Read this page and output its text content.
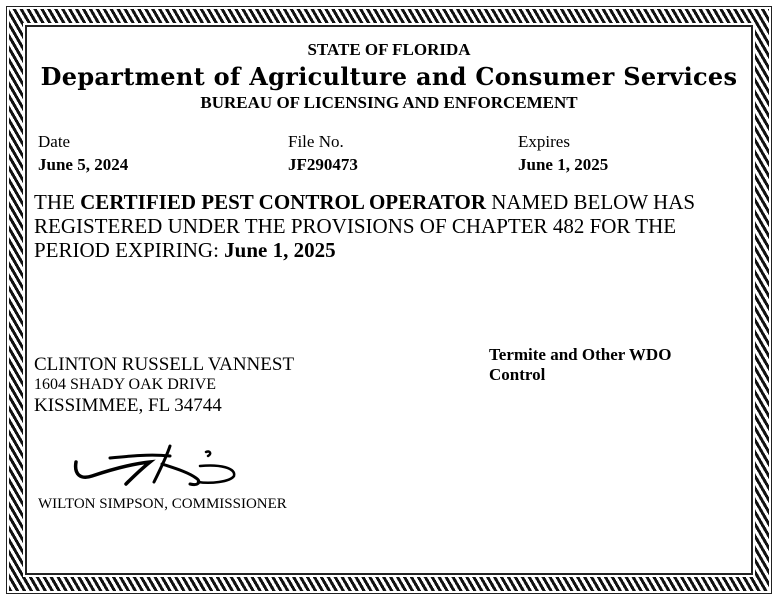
STATE OF FLORIDA
Department of Agriculture and Consumer Services
BUREAU OF LICENSING AND ENFORCEMENT
Date
June 5, 2024
File No.
JF290473
Expires
June 1, 2025
THE CERTIFIED PEST CONTROL OPERATOR NAMED BELOW HAS REGISTERED UNDER THE PROVISIONS OF CHAPTER 482 FOR THE PERIOD EXPIRING: June 1, 2025
CLINTON RUSSELL VANNEST
1604 SHADY OAK DRIVE
KISSIMMEE, FL 34744
Termite and Other WDO Control
WILTON SIMPSON, COMMISSIONER
